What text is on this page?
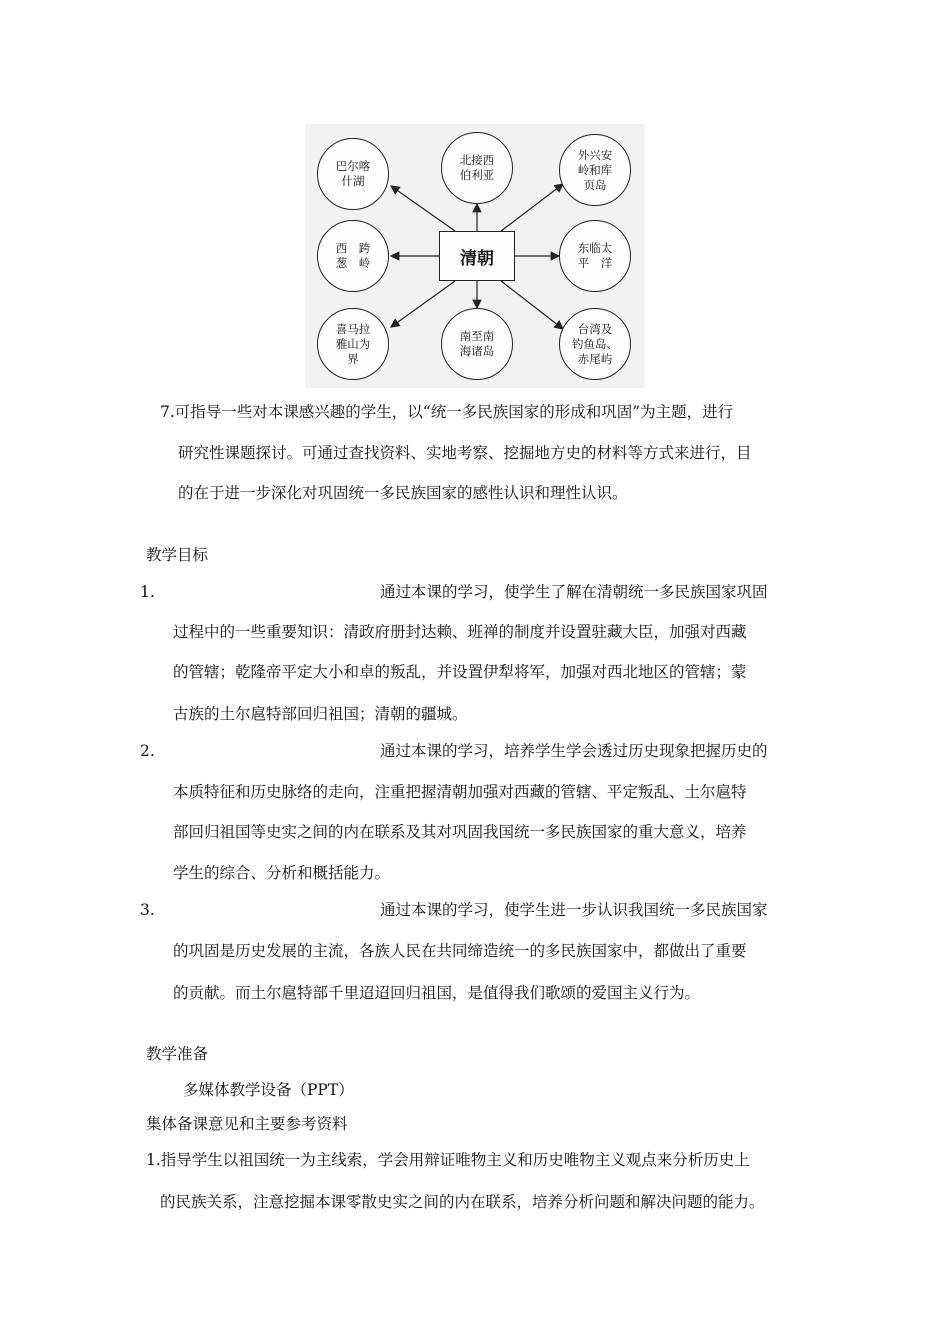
巴尔喀
什湖
北接西
伯利亚
外兴安
岭和库
页岛
西　跨
葱　岭	清朝
东临太
平　洋
喜马拉
雅山为
界
南至南
海诸岛
台湾及
钓鱼岛、
赤尾屿
7.可指导一些对本课感兴趣的学生，以“统一多民族国家的形成和巩固”为主题，进行
研究性课题探讨。可通过查找资料、实地考察、挖掘地方史的材料等方式来进行，目
的在于进一步深化对巩固统一多民族国家的感性认识和理性认识。
教学目标
1.	通过本课的学习，使学生了解在清朝统一多民族国家巩固
过程中的一些重要知识：清政府册封达赖、班禅的制度并设置驻藏大臣，加强对西藏
的管辖；乾隆帝平定大小和卓的叛乱，并设置伊犁将军，加强对西北地区的管辖；蒙
古族的土尔扈特部回归祖国；清朝的疆城。
2.	通过本课的学习，培养学生学会透过历史现象把握历史的
本质特征和历史脉络的走向，注重把握清朝加强对西藏的管辖、平定叛乱、土尔扈特
部回归祖国等史实之间的内在联系及其对巩固我国统一多民族国家的重大意义，培养
学生的综合、分析和概括能力。
3.	通过本课的学习，使学生进一步认识我国统一多民族国家
的巩固是历史发展的主流，各族人民在共同缔造统一的多民族国家中，都做出了重要
的贡献。而土尔扈特部千里迢迢回归祖国，是值得我们歌颂的爱国主义行为。
教学准备
多媒体教学设备（PPT）
集体备课意见和主要参考资料
1.指导学生以祖国统一为主线索，学会用辩证唯物主义和历史唯物主义观点来分析历史上
的民族关系，注意挖掘本课零散史实之间的内在联系，培养分析问题和解决问题的能力。
